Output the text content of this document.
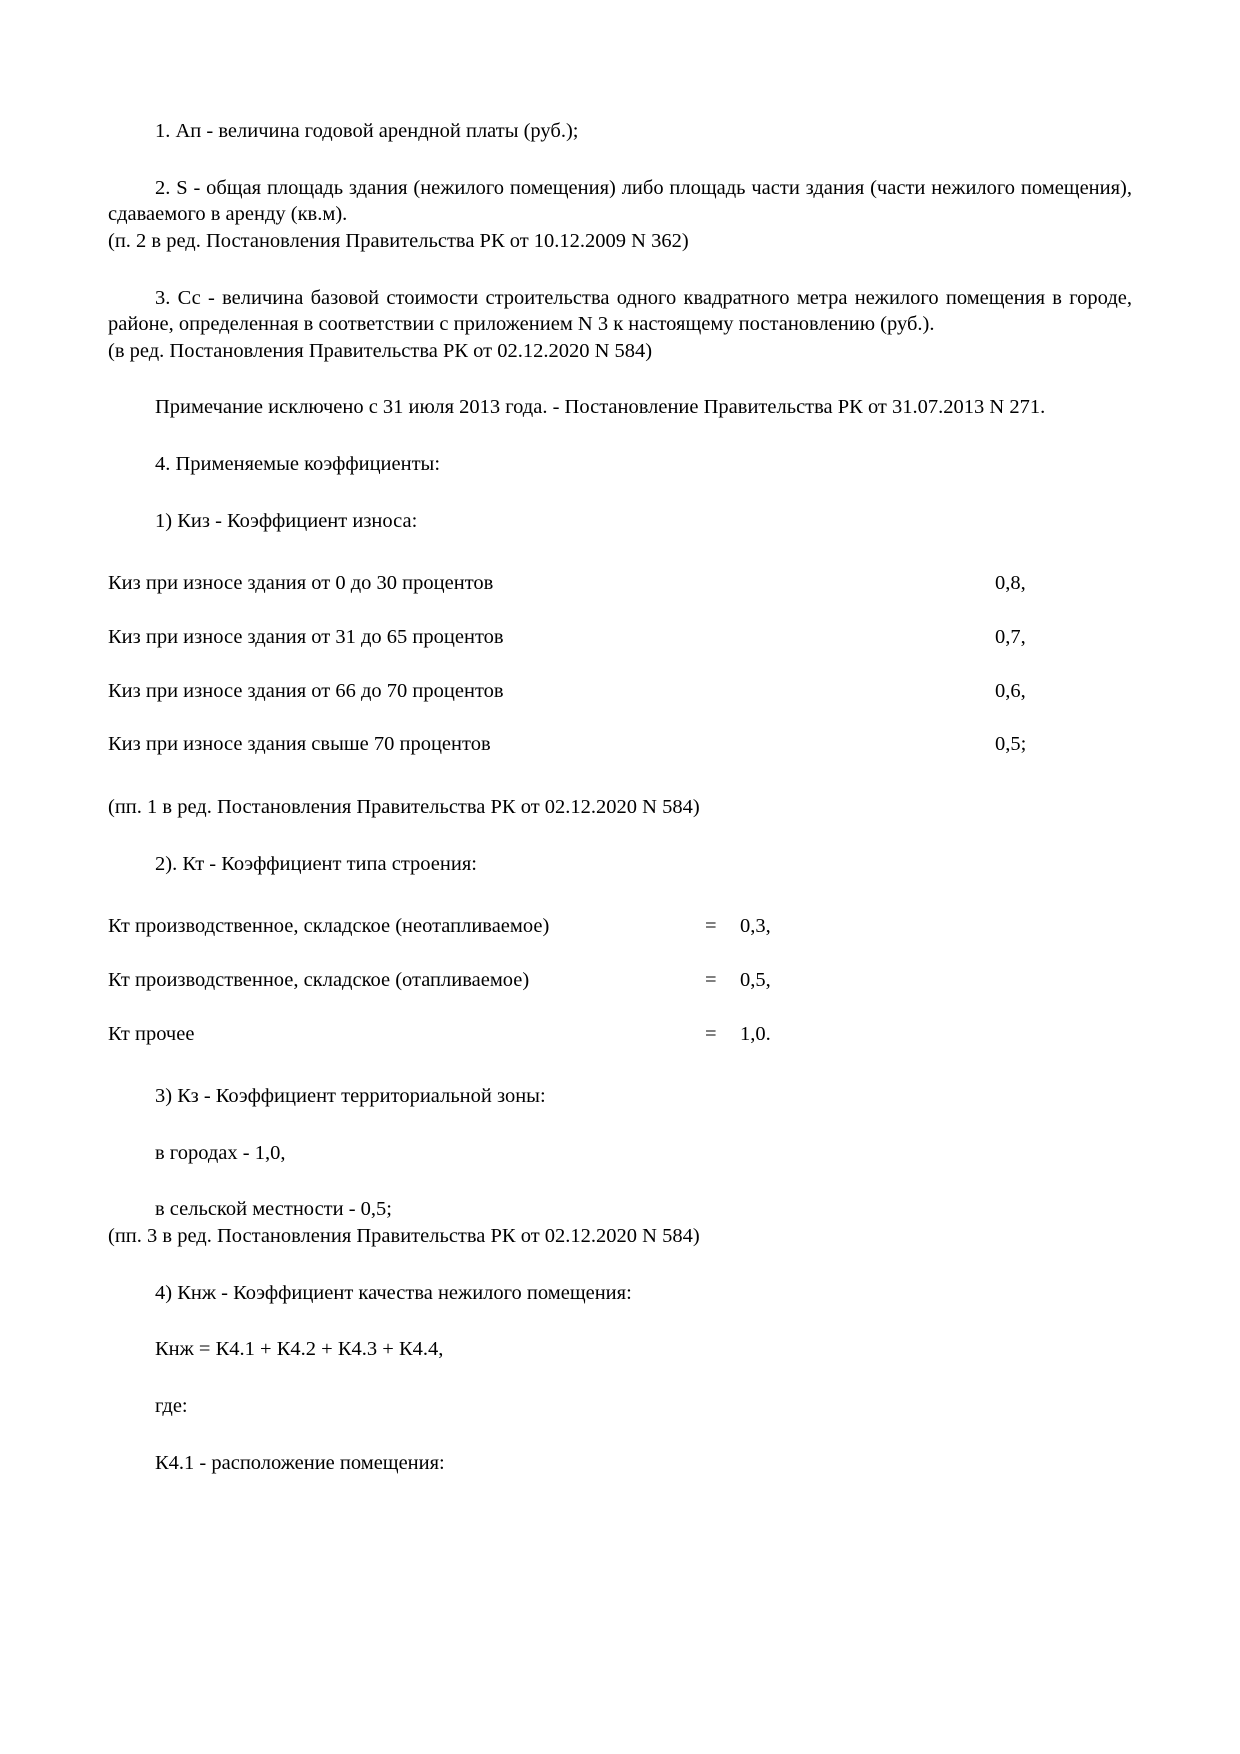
1. Ап - величина годовой арендной платы (руб.);

2. S - общая площадь здания (нежилого помещения) либо площадь части здания (части нежилого помещения), сдаваемого в аренду (кв.м).

(п. 2 в ред. Постановления Правительства РК от 10.12.2009 N 362)

3. Сс - величина базовой стоимости строительства одного квадратного метра нежилого помещения в городе, районе, определенная в соответствии с приложением N 3 к настоящему постановлению (руб.).

(в ред. Постановления Правительства РК от 02.12.2020 N 584)

Примечание исключено с 31 июля 2013 года. - Постановление Правительства РК от 31.07.2013 N 271.

4. Применяемые коэффициенты:

1) Киз - Коэффициент износа:

Киз при износе здания от 0 до 30 процентов	0,8,

Киз при износе здания от 31 до 65 процентов	0,7,

Киз при износе здания от 66 до 70 процентов	0,6,

Киз при износе здания свыше 70 процентов	0,5;

(пп. 1 в ред. Постановления Правительства РК от 02.12.2020 N 584)

2). Кт - Коэффициент типа строения:

Кт производственное, складское (неотапливаемое)	=	0,3,

Кт производственное, складское (отапливаемое)	=	0,5,

Кт прочее	=	1,0.

3) Кз - Коэффициент территориальной зоны:

в городах - 1,0,

в сельской местности - 0,5;

(пп. 3 в ред. Постановления Правительства РК от 02.12.2020 N 584)

4) Кнж - Коэффициент качества нежилого помещения:

Кнж = К4.1 + К4.2 + К4.3 + К4.4,

где:

К4.1 - расположение помещения:
